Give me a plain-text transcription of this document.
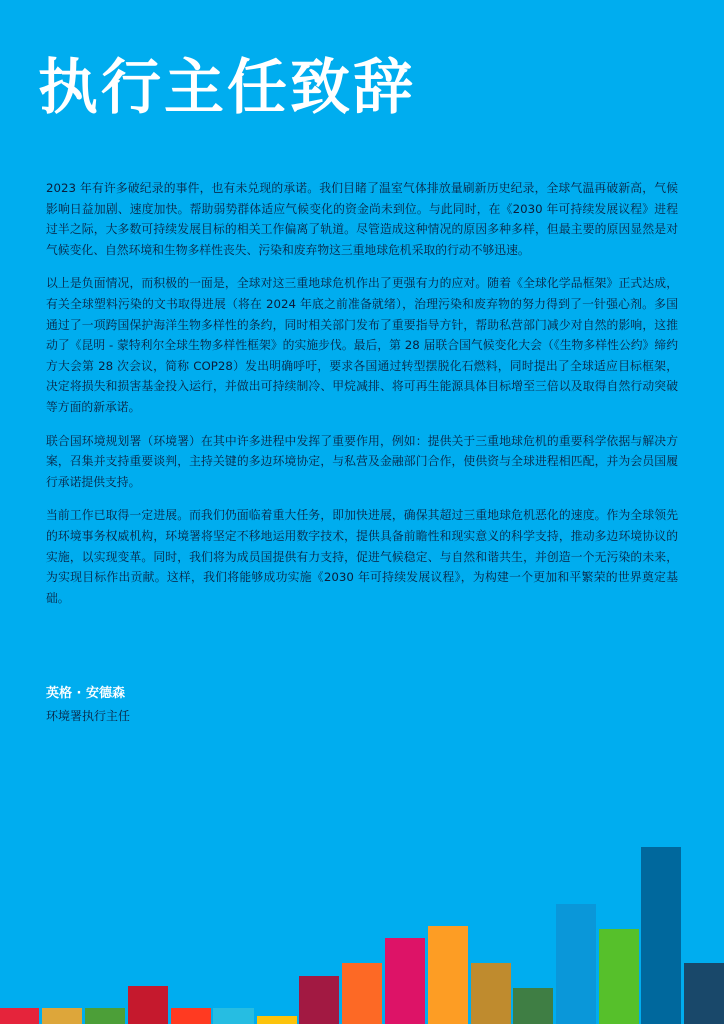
执行主任致辞

2023 年有许多破纪录的事件，也有未兑现的承诺。我们目睹了温室气体排放量刷新历史纪录，全球气温再破新高，气候影响日益加剧、速度加快。帮助弱势群体适应气候变化的资金尚未到位。与此同时，在《2030 年可持续发展议程》进程过半之际，大多数可持续发展目标的相关工作偏离了轨道。尽管造成这种情况的原因多种多样，但最主要的原因显然是对气候变化、自然环境和生物多样性丧失、污染和废弃物这三重地球危机采取的行动不够迅速。

以上是负面情况，而积极的一面是，全球对这三重地球危机作出了更强有力的应对。随着《全球化学品框架》正式达成，有关全球塑料污染的文书取得进展（将在 2024 年底之前准备就绪），治理污染和废弃物的努力得到了一针强心剂。多国通过了一项跨国保护海洋生物多样性的条约，同时相关部门发布了重要指导方针，帮助私营部门减少对自然的影响，这推动了《昆明 - 蒙特利尔全球生物多样性框架》的实施步伐。最后，第 28 届联合国气候变化大会（《生物多样性公约》缔约方大会第 28 次会议，简称 COP28）发出明确呼吁，要求各国通过转型摆脱化石燃料，同时提出了全球适应目标框架，决定将损失和损害基金投入运行，并做出可持续制冷、甲烷减排、将可再生能源具体目标增至三倍以及取得自然行动突破等方面的新承诺。

联合国环境规划署（环境署）在其中许多进程中发挥了重要作用，例如：提供关于三重地球危机的重要科学依据与解决方案，召集并支持重要谈判，主持关键的多边环境协定，与私营及金融部门合作，使供资与全球进程相匹配，并为会员国履行承诺提供支持。

当前工作已取得一定进展。而我们仍面临着重大任务，即加快进展，确保其超过三重地球危机恶化的速度。作为全球领先的环境事务权威机构，环境署将坚定不移地运用数字技术，提供具备前瞻性和现实意义的科学支持，推动多边环境协议的实施，以实现变革。同时，我们将为成员国提供有力支持，促进气候稳定、与自然和谐共生，并创造一个无污染的未来，为实现目标作出贡献。这样，我们将能够成功实施《2030 年可持续发展议程》，为构建一个更加和平繁荣的世界奠定基础。

英格 · 安德森
环境署执行主任
